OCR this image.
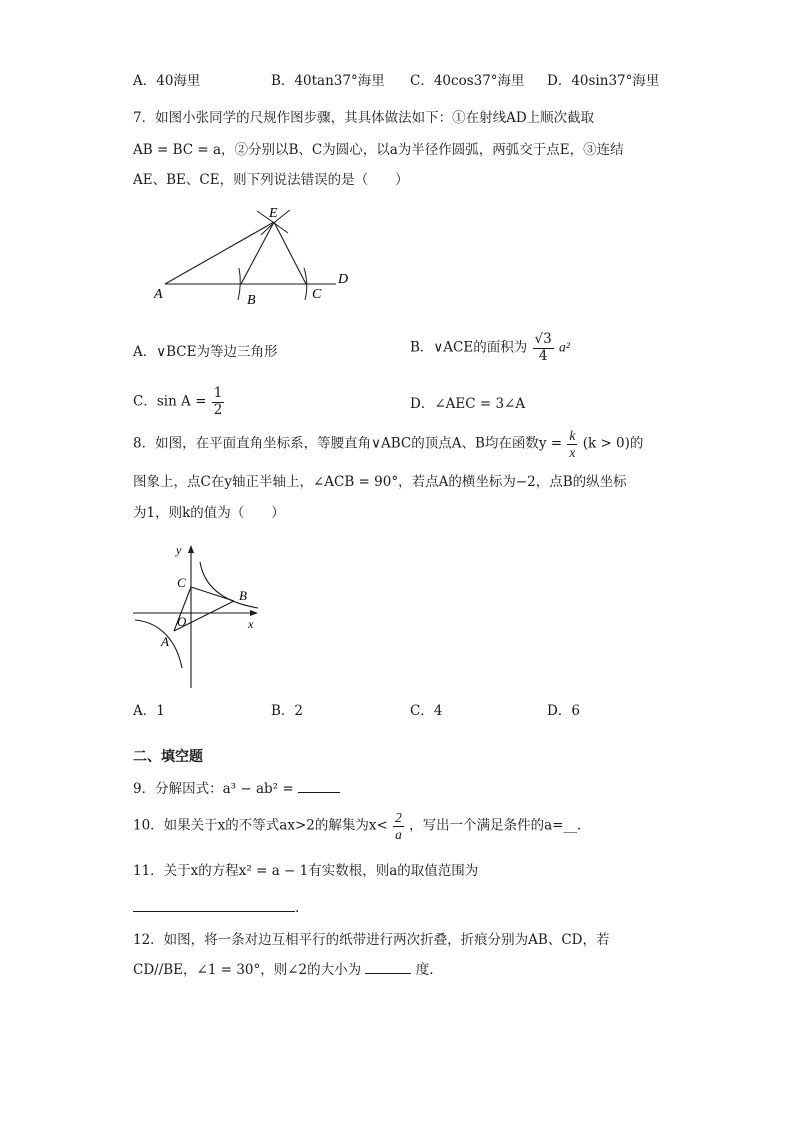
A．40海里	B．40tan37°海里 C．40cos37°海里 D．40sin37°海里
7．如图小张同学的尺规作图步骤，其具体做法如下：①在射线AD上顺次截取
AB = BC = a，②分别以B、C为圆心，以a为半径作圆弧，两弧交于点E，③连结
AE、BE、CE，则下列说法错误的是（　　）
E
D
A	B	C
A．∨BCE为等边三角形	B．∨ACE的面积为 $\frac{√3}{4} a^2$
C．$\sin A = \frac{1}{2}$	D．∠AEC = 3∠A
8．如图，在平面直角坐标系，等腰直角∨ABC的顶点A、B均在函数$y = \frac{k}{x} (k > 0)$的
图象上，点C在y轴正半轴上，∠ACB = 90°，若点A的横坐标为−2，点B的纵坐标
为1，则k的值为（　　）
y
x
C
B
O
A
A．1	B．2	C．4	D．6
二、填空题
9．分解因式：a³ − ab² =
10．如果关于x的不等式ax>2的解集为$x< \frac{2}{a}$ ，写出一个满足条件的a=__.
11．关于x的方程x² = a − 1有实数根，则a的取值范围为
.
12．如图，将一条对边互相平行的纸带进行两次折叠，折痕分别为AB、CD，若
CD//BE，∠1 = 30°，则∠2的大小为	度.
